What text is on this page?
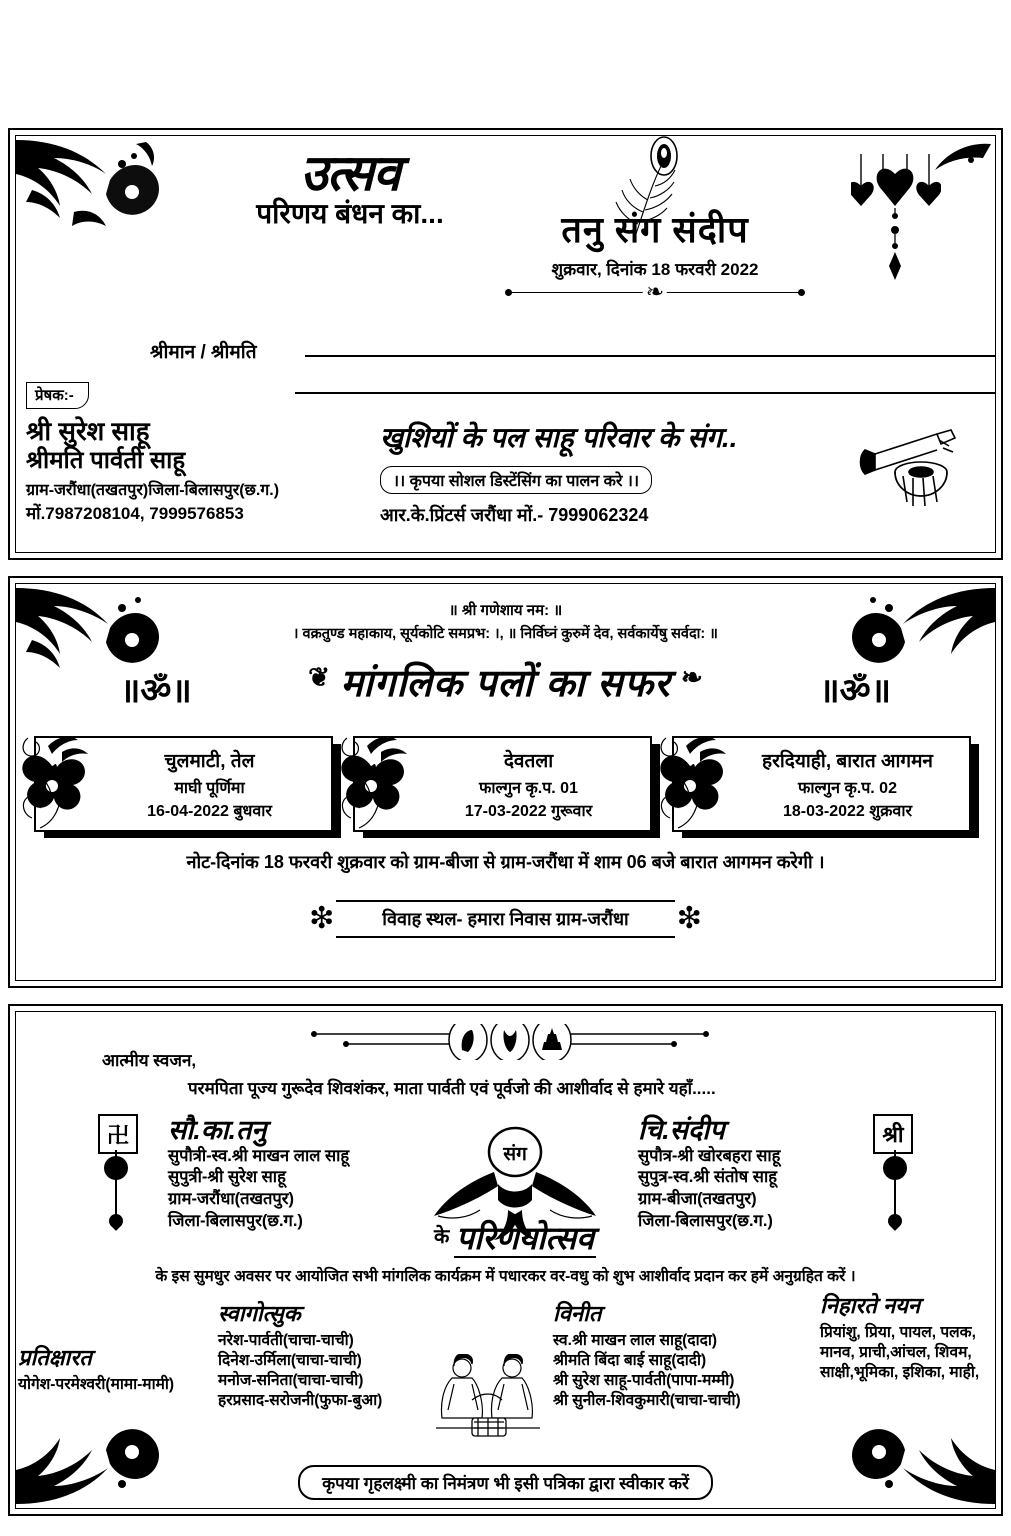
उत्सव
परिणय बंधन का...	तनु संग संदीप
शुक्रवार, दिनांक 18 फरवरी 2022
❧
श्रीमान / श्रीमति
प्रेषक:-
श्री सुरेश साहू
श्रीमति पार्वती साहू
ग्राम-जरौंधा(तखतपुर)जिला-बिलासपुर(छ.ग.)
मों.7987208104, 7999576853
खुशियों के पल साहू परिवार के संग..
।। कृपया सोशल डिस्टेंसिंग का पालन करे ।।
आर.के.प्रिंटर्स जरौंधा मों.- 7999062324
॥ श्री गणेशाय नम: ॥
। वक्रतुण्ड महाकाय, सूर्यकोटि समप्रभ: ।, ॥ निर्विघ्नं कुरुमें देव, सर्वकार्येषु सर्वदा: ॥
❦ मांगलिक पलों का सफर ❧
॥ॐ॥	॥ॐ॥
चुलमाटी, तेल
माघी पूर्णिमा
16-04-2022 बुधवार
देवतला
फाल्गुन कृ.प. 01
17-03-2022 गुरूवार
हरदियाही, बारात आगमन
फाल्गुन कृ.प. 02
18-03-2022 शुक्रवार
नोट-दिनांक 18 फरवरी शुक्रवार को ग्राम-बीजा से ग्राम-जरौंधा में शाम 06 बजे बारात आगमन करेगी ।
❇	विवाह स्थल- हमारा निवास ग्राम-जरौंधा	❇
आत्मीय स्वजन,
परमपिता पूज्य गुरूदेव शिवशंकर, माता पार्वती एवं पूर्वजो की आशीर्वाद से हमारे यहाँ.....
卍	श्री
सौ.का.तनु
सुपौत्री-स्व.श्री माखन लाल साहू
सुपुत्री-श्री सुरेश साहू
ग्राम-जरौंधा(तखतपुर)
जिला-बिलासपुर(छ.ग.)
चि.संदीप
सुपौत्र-श्री खोरबहरा साहू
सुपुत्र-स्व.श्री संतोष साहू
ग्राम-बीजा(तखतपुर)
जिला-बिलासपुर(छ.ग.)
संग
के परिणयोत्सव
के इस सुमधुर अवसर पर आयोजित सभी मांगलिक कार्यक्रम में पधारकर वर-वधु को शुभ आशीर्वाद प्रदान कर हमें अनुग्रहित करें ।
प्रतिक्षारत
योगेश-परमेश्वरी(मामा-मामी)
स्वागोत्सुक
नरेश-पार्वती(चाचा-चाची)
दिनेश-उर्मिला(चाचा-चाची)
मनोज-सनिता(चाचा-चाची)
हरप्रसाद-सरोजनी(फुफा-बुआ)
विनीत
स्व.श्री माखन लाल साहू(दादा)
श्रीमति बिंदा बाई साहू(दादी)
श्री सुरेश साहू-पार्वती(पापा-मम्मी)
श्री सुनील-शिवकुमारी(चाचा-चाची)
निहारते नयन
प्रियांशु, प्रिया, पायल, पलक,
मानव, प्राची,आंचल, शिवम,
साक्षी,भूमिका, इशिका, माही,
कृपया गृहलक्ष्मी का निमंत्रण भी इसी पत्रिका द्वारा स्वीकार करें
